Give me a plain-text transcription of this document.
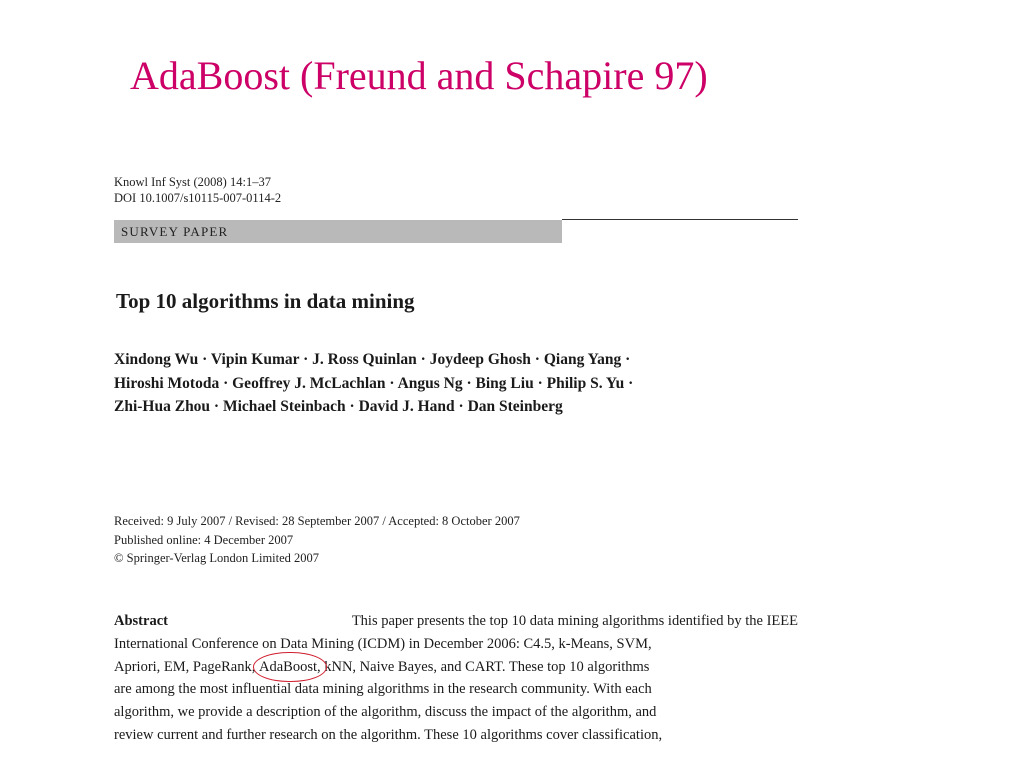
AdaBoost (Freund and Schapire 97)
Knowl Inf Syst (2008) 14:1–37
DOI 10.1007/s10115-007-0114-2
SURVEY PAPER
Top 10 algorithms in data mining
Xindong Wu · Vipin Kumar · J. Ross Quinlan · Joydeep Ghosh · Qiang Yang ·
Hiroshi Motoda · Geoffrey J. McLachlan · Angus Ng · Bing Liu · Philip S. Yu ·
Zhi-Hua Zhou · Michael Steinbach · David J. Hand · Dan Steinberg
Received: 9 July 2007 / Revised: 28 September 2007 / Accepted: 8 October 2007
Published online: 4 December 2007
© Springer-Verlag London Limited 2007
Abstract	This paper presents the top 10 data mining algorithms identified by the IEEE
International Conference on Data Mining (ICDM) in December 2006: C4.5, k-Means, SVM,
Apriori, EM, PageRank, AdaBoost, kNN, Naive Bayes, and CART. These top 10 algorithms
are among the most influential data mining algorithms in the research community. With each
algorithm, we provide a description of the algorithm, discuss the impact of the algorithm, and
review current and further research on the algorithm. These 10 algorithms cover classification,
